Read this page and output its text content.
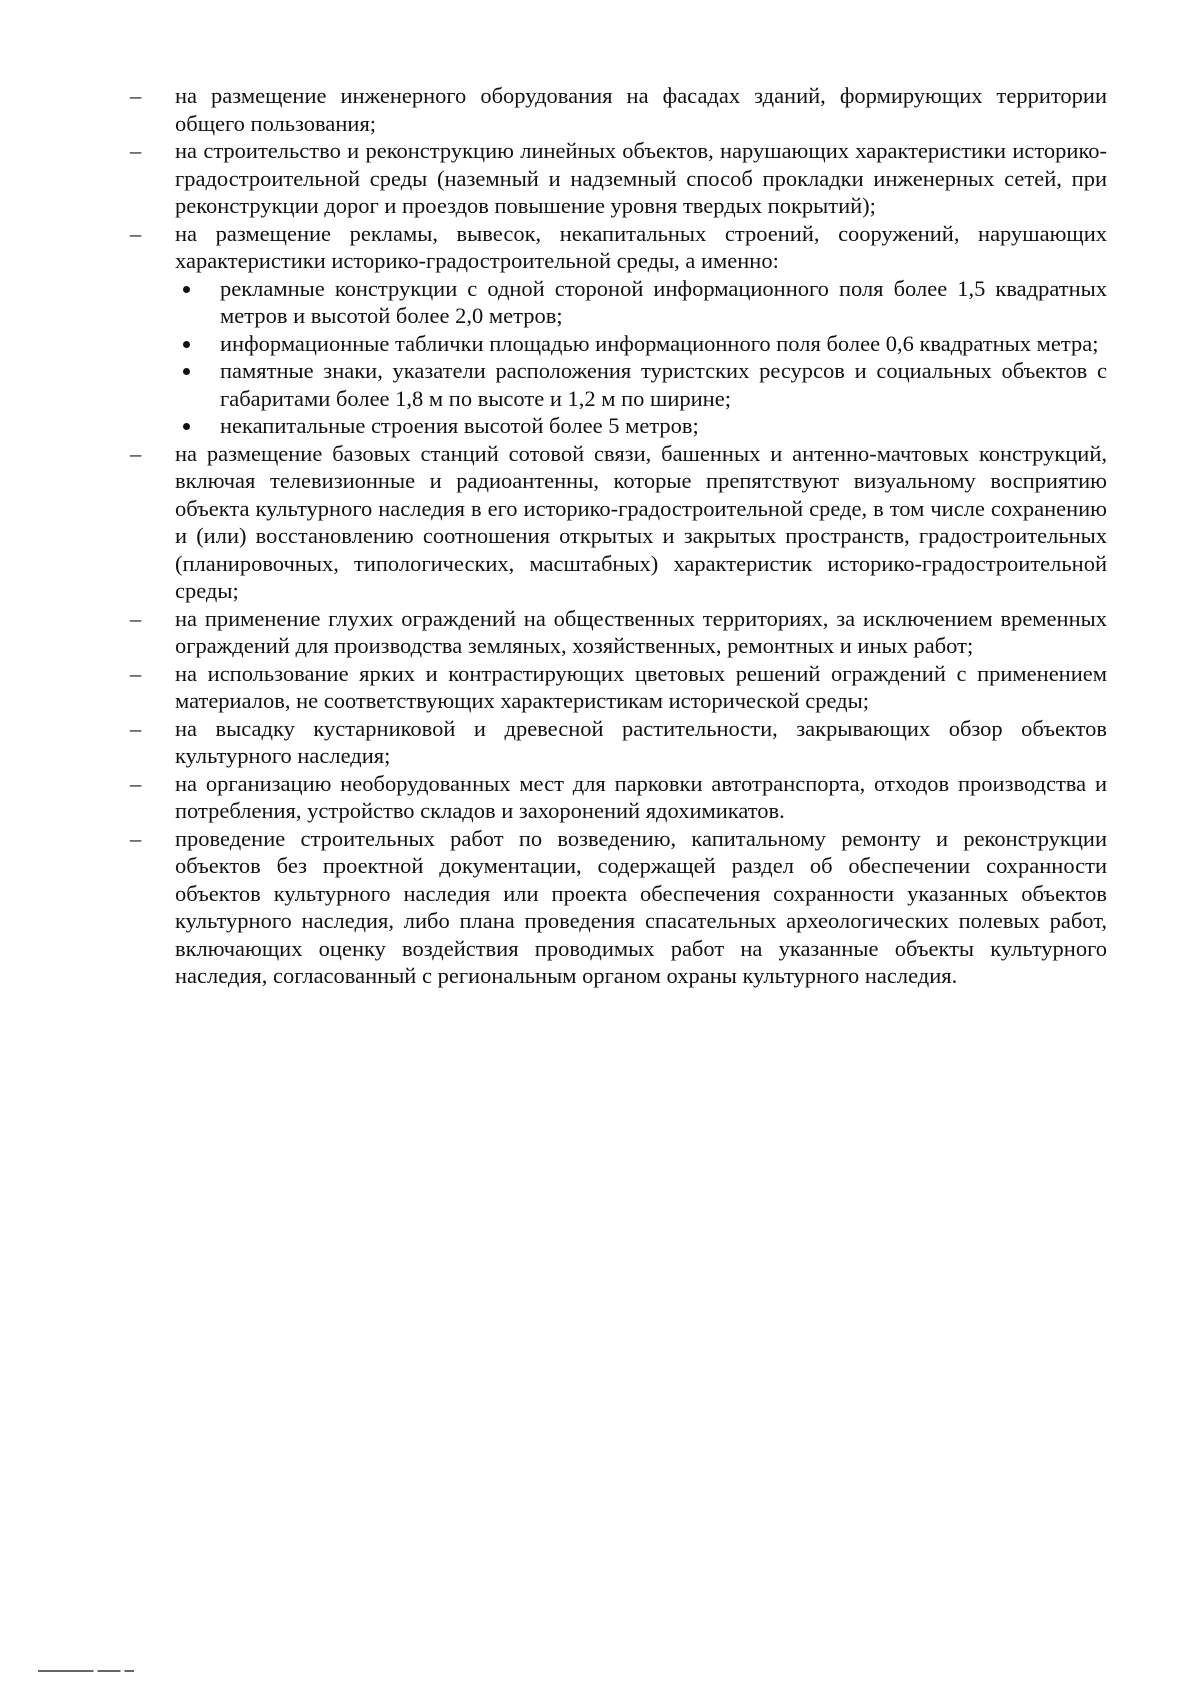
–	на размещение инженерного оборудования на фасадах зданий, формирующих территории общего пользования;
–	на строительство и реконструкцию линейных объектов, нарушающих характеристики историко-градостроительной среды (наземный и надземный способ прокладки инженерных сетей, при реконструкции дорог и проездов повышение уровня твердых покрытий);
–	на размещение рекламы, вывесок, некапитальных строений, сооружений, нарушающих характеристики историко-градостроительной среды, а именно:
рекламные конструкции с одной стороной информационного поля более 1,5 квадратных метров и высотой более 2,0 метров;
информационные таблички площадью информационного поля более 0,6 квадратных метра;
памятные знаки, указатели расположения туристских ресурсов и социальных объектов с габаритами более 1,8 м по высоте и 1,2 м по ширине;
некапитальные строения высотой более 5 метров;
–	на размещение базовых станций сотовой связи, башенных и антенно-мачтовых конструкций, включая телевизионные и радиоантенны, которые препятствуют визуальному восприятию объекта культурного наследия в его историко-градостроительной среде, в том числе сохранению и (или) восстановлению соотношения открытых и закрытых пространств, градостроительных (планировочных, типологических, масштабных) характеристик историко-градостроительной среды;
–	на применение глухих ограждений на общественных территориях, за исключением временных ограждений для производства земляных, хозяйственных, ремонтных и иных работ;
–	на использование ярких и контрастирующих цветовых решений ограждений с применением материалов, не соответствующих характеристикам исторической среды;
–	на высадку кустарниковой и древесной растительности, закрывающих обзор объектов культурного наследия;
–	на организацию необорудованных мест для парковки автотранспорта, отходов производства и потребления, устройство складов и захоронений ядохимикатов.
–	проведение строительных работ по возведению, капитальному ремонту и реконструкции объектов без проектной документации, содержащей раздел об обеспечении сохранности объектов культурного наследия или проекта обеспечения сохранности указанных объектов культурного наследия, либо плана проведения спасательных археологических полевых работ, включающих оценку воздействия проводимых работ на указанные объекты культурного наследия, согласованный с региональным органом охраны культурного наследия.
